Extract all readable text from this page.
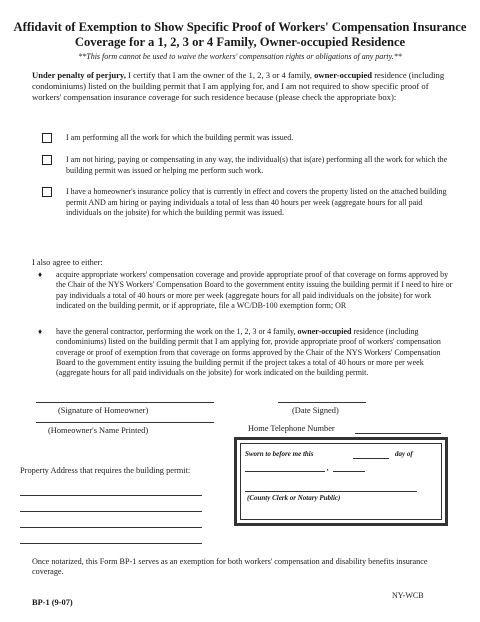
Affidavit of Exemption to Show Specific Proof of Workers' Compensation Insurance
Coverage for a 1, 2, 3 or 4 Family, Owner-occupied Residence
**This form cannot be used to waive the workers' compensation rights or obligations of any party.**
Under penalty of perjury, I certify that I am the owner of the 1, 2, 3 or 4 family, owner-occupied residence (including condominiums) listed on the building permit that I am applying for, and I am not required to show specific proof of workers' compensation insurance coverage for such residence because (please check the appropriate box):
I am performing all the work for which the building permit was issued.
I am not hiring, paying or compensating in any way, the individual(s) that is(are) performing all the work for which the building permit was issued or helping me perform such work.
I have a homeowner's insurance policy that is currently in effect and covers the property listed on the attached building permit AND am hiring or paying individuals a total of less than 40 hours per week (aggregate hours for all paid individuals on the jobsite) for which the building permit was issued.
I also agree to either:
♦ acquire appropriate workers' compensation coverage and provide appropriate proof of that coverage on forms approved by the Chair of the NYS Workers' Compensation Board to the government entity issuing the building permit if I need to hire or pay individuals a total of 40 hours or more per week (aggregate hours for all paid individuals on the jobsite) for work indicated on the building permit, or if appropriate, file a WC/DB-100 exemption form; OR
♦ have the general contractor, performing the work on the 1, 2, 3 or 4 family, owner-occupied residence (including condominiums) listed on the building permit that I am applying for, provide appropriate proof of workers' compensation coverage or proof of exemption from that coverage on forms approved by the Chair of the NYS Workers' Compensation Board to the government entity issuing the building permit if the project takes a total of 40 hours or more per week (aggregate hours for all paid individuals on the jobsite) for work indicated on the building permit.
(Signature of Homeowner)	(Date Signed)
Home Telephone Number
(Homeowner's Name Printed)
Property Address that requires the building permit:
Sworn to before me this	day of
,
(County Clerk or Notary Public)
Once notarized, this Form BP-1 serves as an exemption for both workers' compensation and disability benefits insurance coverage.
BP-1 (9-07)
NY-WCB
